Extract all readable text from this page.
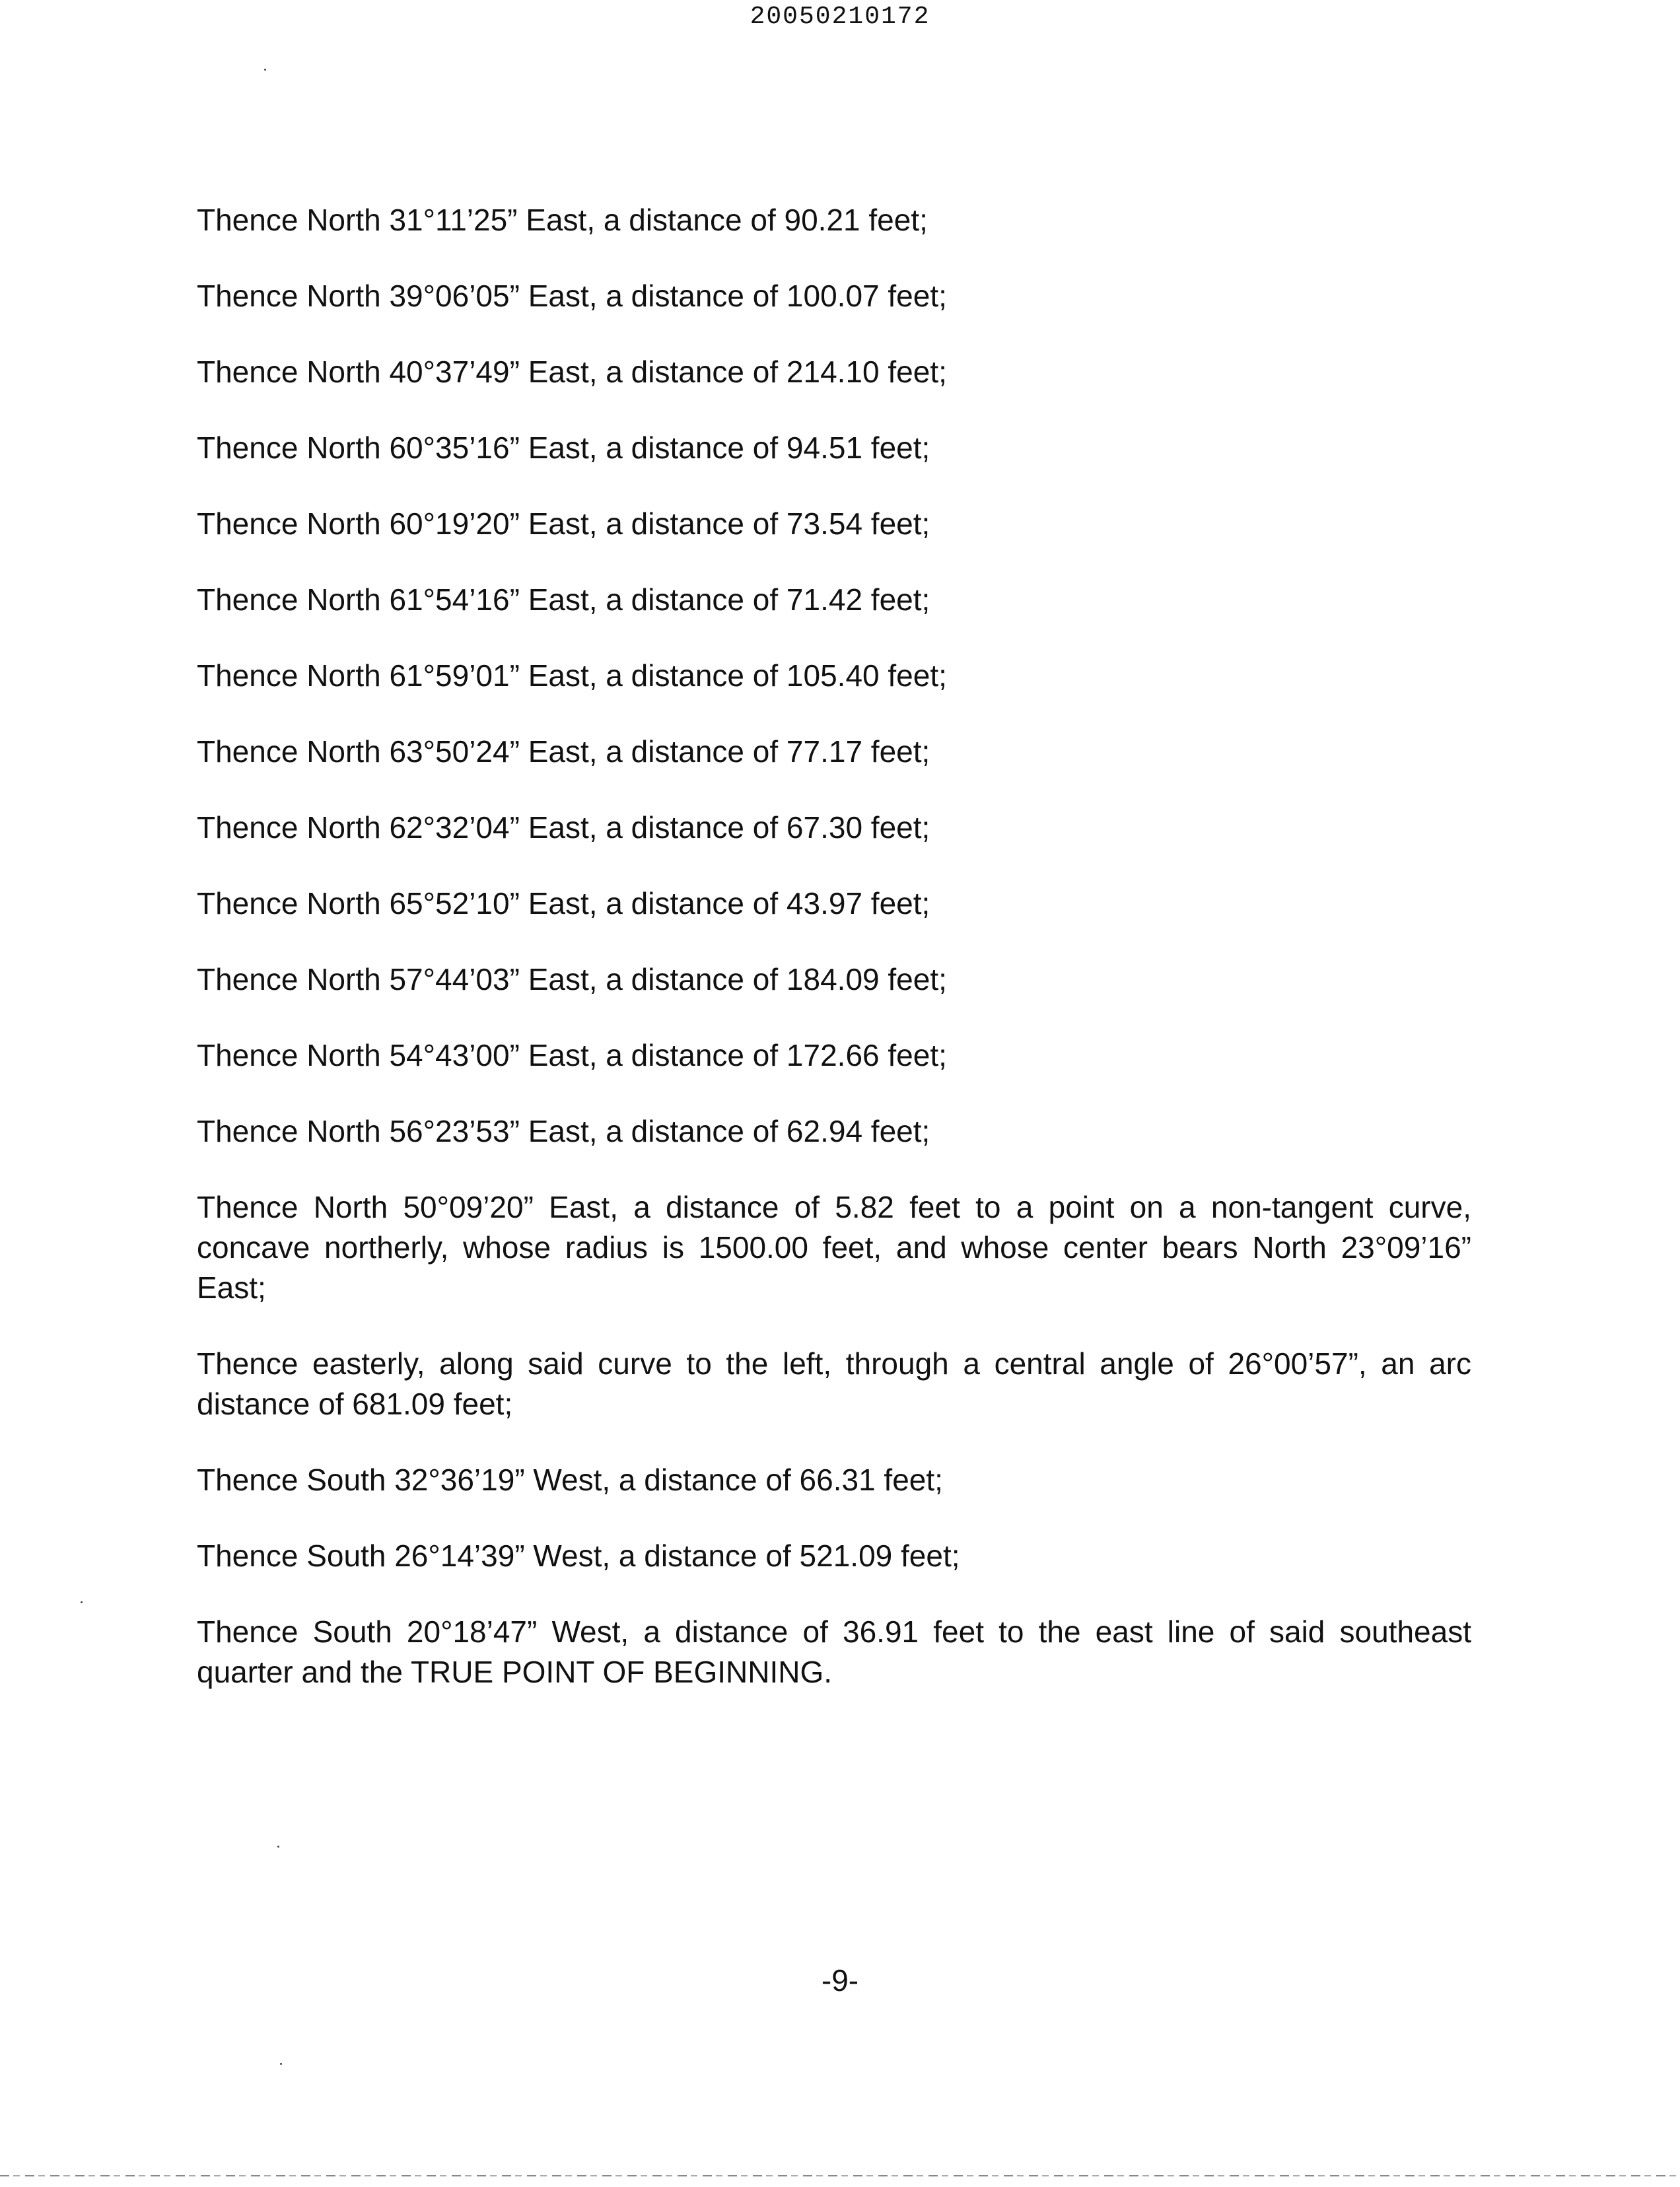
20050210172

Thence North 31°11’25” East, a distance of 90.21 feet;

Thence North 39°06’05” East, a distance of 100.07 feet;

Thence North 40°37’49” East, a distance of 214.10 feet;

Thence North 60°35’16” East, a distance of 94.51 feet;

Thence North 60°19’20” East, a distance of 73.54 feet;

Thence North 61°54’16” East, a distance of 71.42 feet;

Thence North 61°59’01” East, a distance of 105.40 feet;

Thence North 63°50’24” East, a distance of 77.17 feet;

Thence North 62°32’04” East, a distance of 67.30 feet;

Thence North 65°52’10” East, a distance of 43.97 feet;

Thence North 57°44’03” East, a distance of 184.09 feet;

Thence North 54°43’00” East, a distance of 172.66 feet;

Thence North 56°23’53” East, a distance of 62.94 feet;

Thence North 50°09’20” East, a distance of 5.82 feet to a point on a non-tangent curve, concave northerly, whose radius is 1500.00 feet, and whose center bears North 23°09’16” East;

Thence easterly, along said curve to the left, through a central angle of 26°00’57”, an arc distance of 681.09 feet;

Thence South 32°36’19” West, a distance of 66.31 feet;

Thence South 26°14’39” West, a distance of 521.09 feet;

Thence South 20°18’47” West, a distance of 36.91 feet to the east line of said southeast quarter and the TRUE POINT OF BEGINNING.

-9-
